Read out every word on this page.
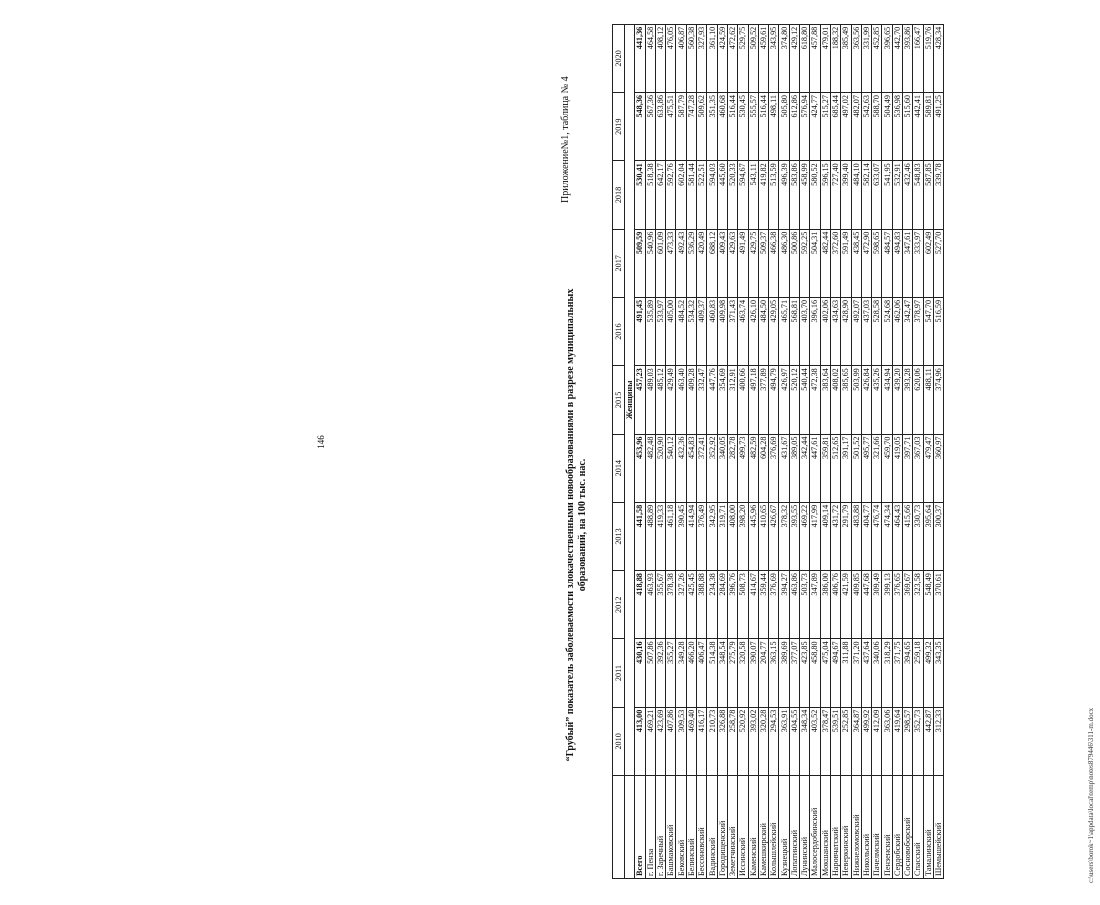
146
Приложение№1, таблица № 4
“Грубый” показатель заболеваемости злокачественными новообразованиями в разрезе муниципальных образований, на 100 тыс. нас.
	2010	2011	2012	2013	2014	2015	2016	2017	2018	2019	2020
	Женщины										
Всего	413,00	430,16	418,88	441,58	453,96	457,23	491,45	509,59	530,41	548,36	441,36
г. Пенза	469,21	507,86	463,93	488,89	482,48	489,03	535,89	540,96	518,38	567,36	464,58
г. Заречный	423,69	392,36	355,67	419,33	520,90	485,12	533,97	601,09	642,17	633,86	408,12
Башмаковский	407,86	355,27	378,38	461,18	540,12	429,49	405,00	473,33	592,76	475,51	476,05
Бековский	309,53	349,28	327,26	390,45	432,36	463,40	484,52	492,43	602,04	587,79	406,87
Белинский	469,40	466,20	425,45	414,94	454,83	409,28	534,32	536,29	581,44	747,28	560,38
Бессоновский	416,17	406,47	388,88	376,49	372,41	332,47	409,37	420,49	522,51	509,62	327,93
Вадинский	210,73	514,38	234,38	342,95	352,92	447,76	460,83	688,12	594,03	351,35	361,10
Городищенский	326,88	348,54	284,69	319,71	340,05	354,69	409,98	409,43	445,60	460,68	424,59
Земетчинский	258,78	275,79	396,76	408,00	282,78	312,91	371,43	429,63	520,33	516,44	472,62
Иссинский	520,92	320,58	508,73	398,20	499,73	400,66	463,74	491,49	594,67	530,45	529,75
Каменский	393,02	390,07	414,67	445,96	482,59	497,18	426,10	429,75	543,11	555,57	509,52
Камешкирский	320,28	204,77	359,44	410,65	604,28	377,89	484,50	509,37	419,82	516,44	459,61
Колышлейский	294,53	363,15	376,69	426,67	376,69	494,79	429,05	466,38	513,59	498,11	343,95
Кузнецкий	363,91	389,69	394,27	378,32	431,67	426,97	465,71	486,30	496,39	505,80	374,80
Лопатинский	404,55	377,07	463,86	393,55	389,05	520,12	568,81	500,86	583,86	612,86	429,12
Лунинский	348,34	423,85	503,73	469,22	342,44	540,44	403,70	592,25	458,99	576,94	618,80
Малосердобинский	403,52	458,80	347,89	417,99	447,61	472,38	396,16	504,31	580,52	424,77	457,88
Мокшанский	378,47	475,04	386,00	409,14	359,81	383,64	402,06	482,44	596,15	515,27	479,01
Наровчатский	539,51	494,67	406,76	431,72	512,65	408,02	434,63	372,60	727,40	685,44	188,32
Неверкинский	252,85	311,88	421,59	291,79	391,17	385,65	428,90	591,49	399,40	497,02	385,49
Нижнеломовский	364,87	371,20	409,85	483,88	501,52	503,99	492,07	438,45	484,10	482,07	363,56
Никольский	499,92	437,64	447,68	404,77	495,77	426,84	437,03	472,90	582,14	542,63	331,99
Пачелмский	412,09	340,06	309,49	476,74	321,66	435,26	528,58	598,65	633,07	588,70	452,85
Пензенский	363,06	318,29	399,13	474,34	459,70	434,94	524,68	484,57	541,95	504,49	396,65
Сердобский	419,64	371,75	376,65	464,43	419,05	439,20	462,06	494,83	532,91	536,98	442,70
Сосновоборский	298,57	394,65	369,67	415,66	397,71	393,28	342,47	347,61	432,46	515,60	393,86
Спасский	352,73	259,18	323,58	330,73	367,03	620,06	378,97	333,97	548,83	442,41	166,47
Тамалинский	442,87	499,32	548,49	395,64	479,47	488,11	547,70	602,49	587,85	589,81	519,76
Шемышейский	312,33	343,35	370,61	300,37	360,97	374,96	516,59	527,70	339,78	491,25	428,34
c:\users\borok~1\appdata\local\temp\notes879446\311-m.docx
